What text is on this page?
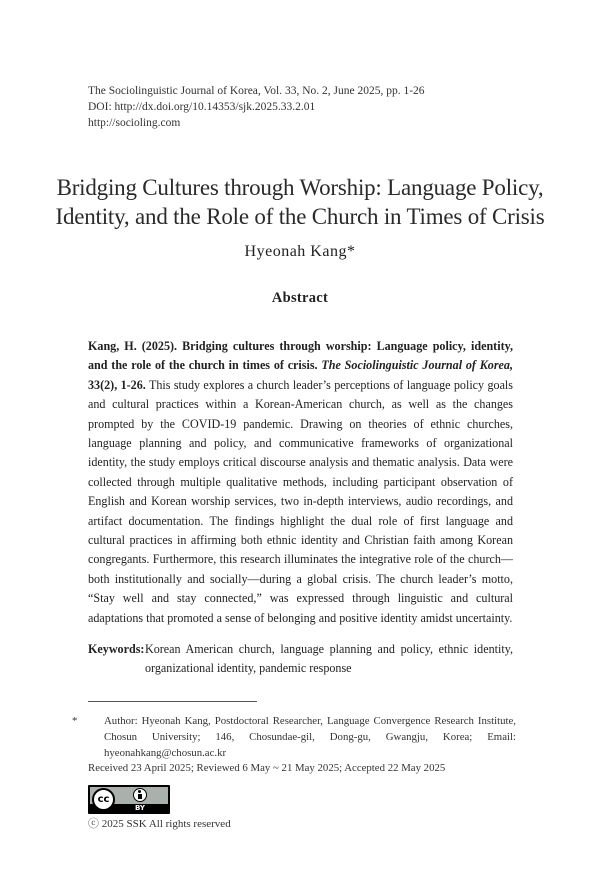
The Sociolinguistic Journal of Korea, Vol. 33, No. 2, June 2025, pp. 1-26
DOI: http://dx.doi.org/10.14353/sjk.2025.33.2.01
http://socioling.com
Bridging Cultures through Worship: Language Policy,
Identity, and the Role of the Church in Times of Crisis
Hyeonah Kang*
Abstract
Kang, H. (2025). Bridging cultures through worship: Language policy, identity, and the role of the church in times of crisis. The Sociolinguistic Journal of Korea, 33(2), 1-26. This study explores a church leader’s perceptions of language policy goals and cultural practices within a Korean-American church, as well as the changes prompted by the COVID-19 pandemic. Drawing on theories of ethnic churches, language planning and policy, and communicative frameworks of organizational identity, the study employs critical discourse analysis and thematic analysis. Data were collected through multiple qualitative methods, including participant observation of English and Korean worship services, two in-depth interviews, audio recordings, and artifact documentation. The findings highlight the dual role of first language and cultural practices in affirming both ethnic identity and Christian faith among Korean congregants. Furthermore, this research illuminates the integrative role of the church—both institutionally and socially—during a global crisis. The church leader’s motto, “Stay well and stay connected,” was expressed through linguistic and cultural adaptations that promoted a sense of belonging and positive identity amidst uncertainty.
Keywords: Korean American church, language planning and policy, ethnic identity, organizational identity, pandemic response
* Author: Hyeonah Kang, Postdoctoral Researcher, Language Convergence Research Institute, Chosun University; 146, Chosundae-gil, Dong-gu, Gwangju, Korea; Email: hyeonahkang@chosun.ac.kr
Received 23 April 2025; Reviewed 6 May ~ 21 May 2025; Accepted 22 May 2025
cc
BY
ⓒ 2025 SSK All rights reserved
